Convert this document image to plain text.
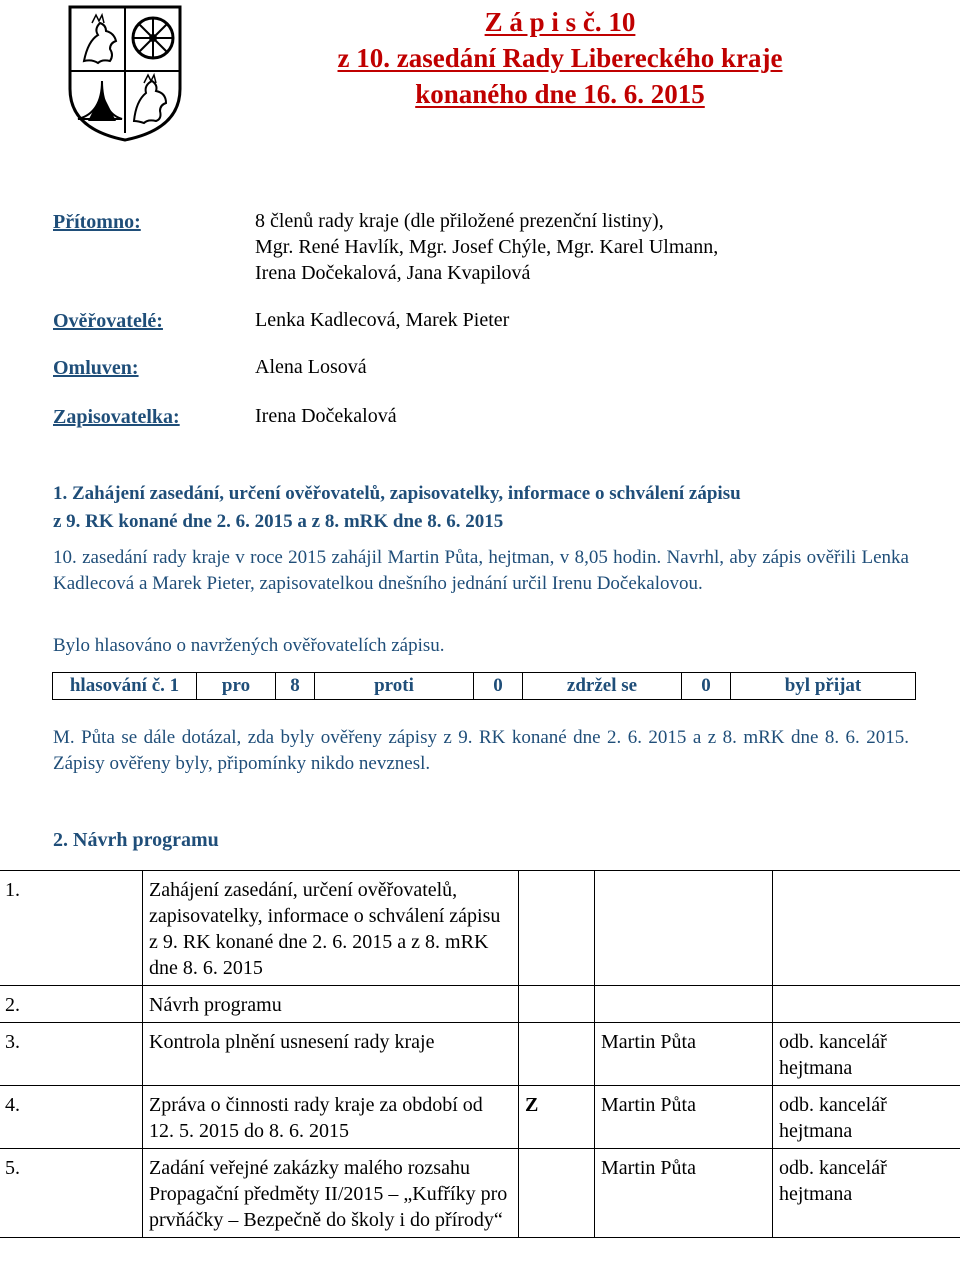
Z á p i s č. 10
z 10. zasedání Rady Libereckého kraje
konaného dne 16. 6. 2015
Přítomno:	8 členů rady kraje (dle přiložené prezenční listiny),
Mgr. René Havlík, Mgr. Josef Chýle, Mgr. Karel Ulmann,
Irena Dočekalová, Jana Kvapilová
Ověřovatelé:	Lenka Kadlecová, Marek Pieter
Omluven:	Alena Losová
Zapisovatelka:	Irena Dočekalová
1. Zahájení zasedání, určení ověřovatelů, zapisovatelky, informace o schválení zápisu
z 9. RK konané dne 2. 6. 2015 a z 8. mRK dne 8. 6. 2015
10. zasedání rady kraje v roce 2015 zahájil Martin Půta, hejtman, v 8,05 hodin. Navrhl, aby zápis ověřili Lenka Kadlecová a Marek Pieter, zapisovatelkou dnešního jednání určil Irenu Dočekalovou.
Bylo hlasováno o navržených ověřovatelích zápisu.
hlasování č. 1	pro	8	proti	0	zdržel se	0	byl přijat
M. Půta se dále dotázal, zda byly ověřeny zápisy z 9. RK konané dne 2. 6. 2015 a z 8. mRK dne 8. 6. 2015. Zápisy ověřeny byly, připomínky nikdo nevznesl.
2. Návrh programu
1.	Zahájení zasedání, určení ověřovatelů, zapisovatelky, informace o schválení zápisu z 9. RK konané dne 2. 6. 2015 a z 8. mRK dne 8. 6. 2015			
2.	Návrh programu			
3.	Kontrola plnění usnesení rady kraje		Martin Půta	odb. kancelář hejtmana
4.	Zpráva o činnosti rady kraje za období od 12. 5. 2015 do 8. 6. 2015	Z	Martin Půta	odb. kancelář hejtmana
5.	Zadání veřejné zakázky malého rozsahu Propagační předměty II/2015 – „Kufříky pro prvňáčky – Bezpečně do školy i do přírody“		Martin Půta	odb. kancelář hejtmana
